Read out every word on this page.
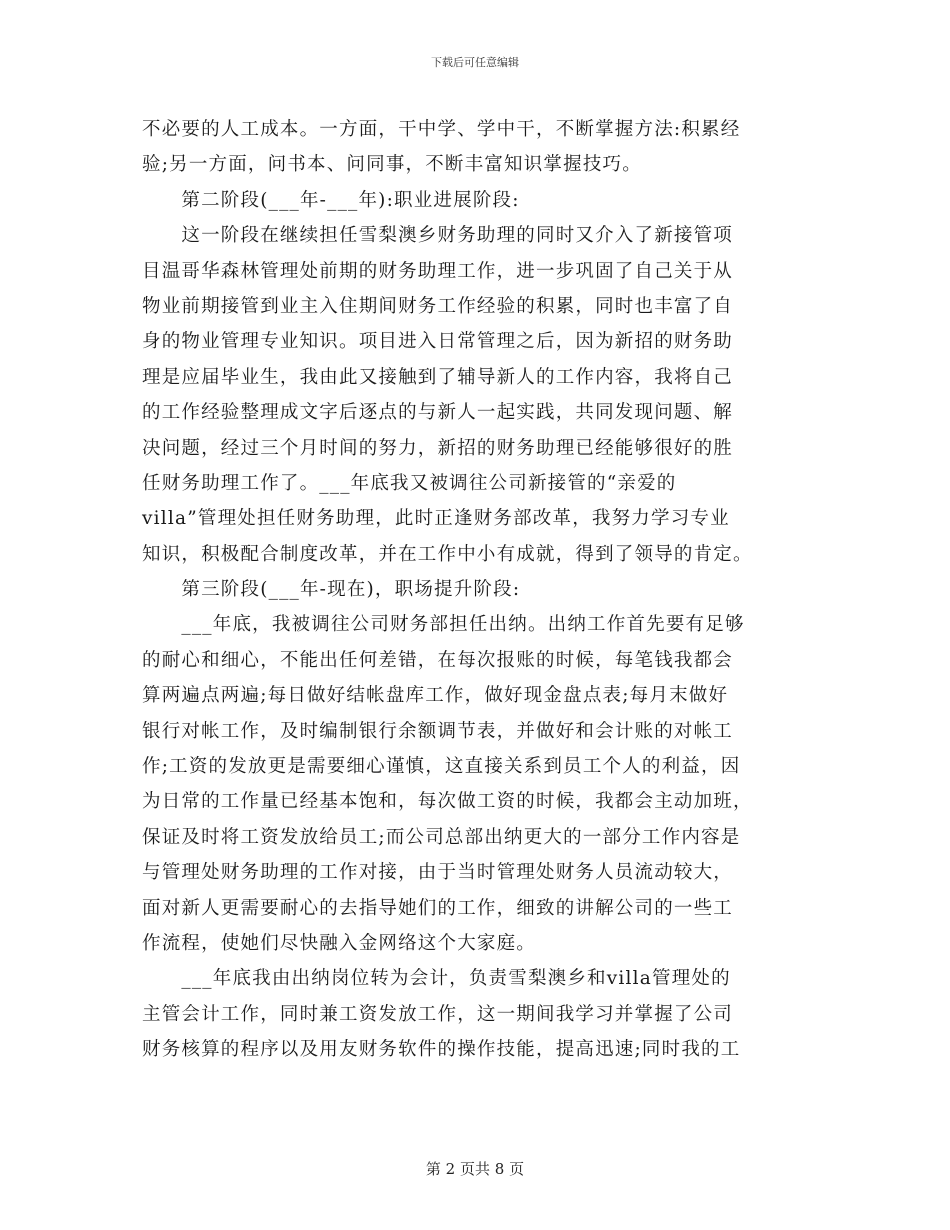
下载后可任意编辑
不必要的人工成本。一方面，干中学、学中干，不断掌握方法:积累经
验;另一方面，问书本、问同事，不断丰富知识掌握技巧。
　　第二阶段(___年-___年):职业进展阶段:
　　这一阶段在继续担任雪梨澳乡财务助理的同时又介入了新接管项
目温哥华森林管理处前期的财务助理工作，进一步巩固了自己关于从
物业前期接管到业主入住期间财务工作经验的积累，同时也丰富了自
身的物业管理专业知识。项目进入日常管理之后，因为新招的财务助
理是应届毕业生，我由此又接触到了辅导新人的工作内容，我将自己
的工作经验整理成文字后逐点的与新人一起实践，共同发现问题、解
决问题，经过三个月时间的努力，新招的财务助理已经能够很好的胜
任财务助理工作了。___年底我又被调往公司新接管的“亲爱的
villa”管理处担任财务助理，此时正逢财务部改革，我努力学习专业
知识，积极配合制度改革，并在工作中小有成就，得到了领导的肯定。
　　第三阶段(___年-现在)，职场提升阶段:
　　___年底，我被调往公司财务部担任出纳。出纳工作首先要有足够
的耐心和细心，不能出任何差错，在每次报账的时候，每笔钱我都会
算两遍点两遍;每日做好结帐盘库工作，做好现金盘点表;每月末做好
银行对帐工作，及时编制银行余额调节表，并做好和会计账的对帐工
作;工资的发放更是需要细心谨慎，这直接关系到员工个人的利益，因
为日常的工作量已经基本饱和，每次做工资的时候，我都会主动加班，
保证及时将工资发放给员工;而公司总部出纳更大的一部分工作内容是
与管理处财务助理的工作对接，由于当时管理处财务人员流动较大，
面对新人更需要耐心的去指导她们的工作，细致的讲解公司的一些工
作流程，使她们尽快融入金网络这个大家庭。
　　___年底我由出纳岗位转为会计，负责雪梨澳乡和villa管理处的
主管会计工作，同时兼工资发放工作，这一期间我学习并掌握了公司
财务核算的程序以及用友财务软件的操作技能，提高迅速;同时我的工
第 2 页共 8 页
